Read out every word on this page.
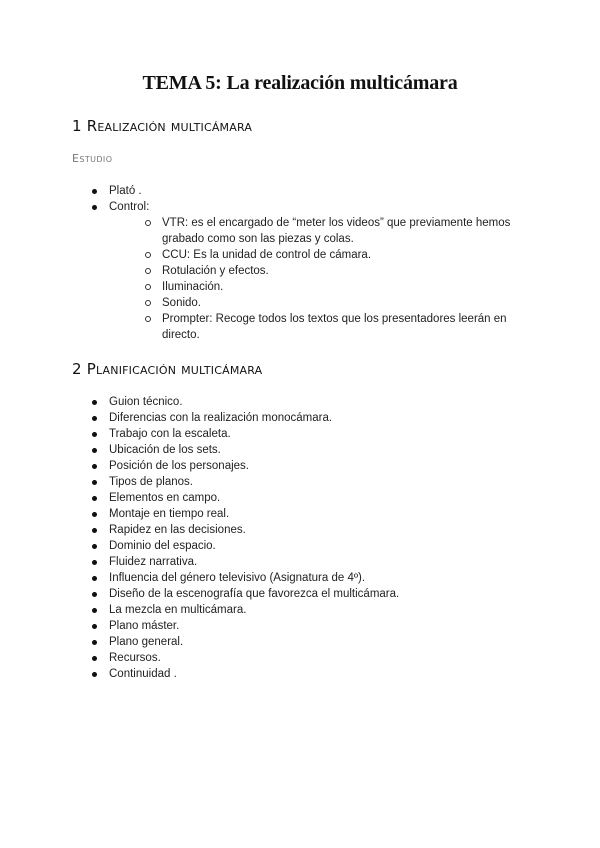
TEMA 5: La realización multicámara
1 Realización multicámara
Estudio
Plató .
Control:
VTR: es el encargado de “meter los videos” que previamente hemos grabado como son las piezas y colas.
CCU: Es la unidad de control de cámara.
Rotulación y efectos.
Iluminación.
Sonido.
Prompter: Recoge todos los textos que los presentadores leerán en directo.
2 Planificación multicámara
Guion técnico.
Diferencias con la realización monocámara.
Trabajo con la escaleta.
Ubicación de los sets.
Posición de los personajes.
Tipos de planos.
Elementos en campo.
Montaje en tiempo real.
Rapidez en las decisiones.
Dominio del espacio.
Fluidez narrativa.
Influencia del género televisivo (Asignatura de 4º).
Diseño de la escenografía que favorezca el multicámara.
La mezcla en multicámara.
Plano máster.
Plano general.
Recursos.
Continuidad .
